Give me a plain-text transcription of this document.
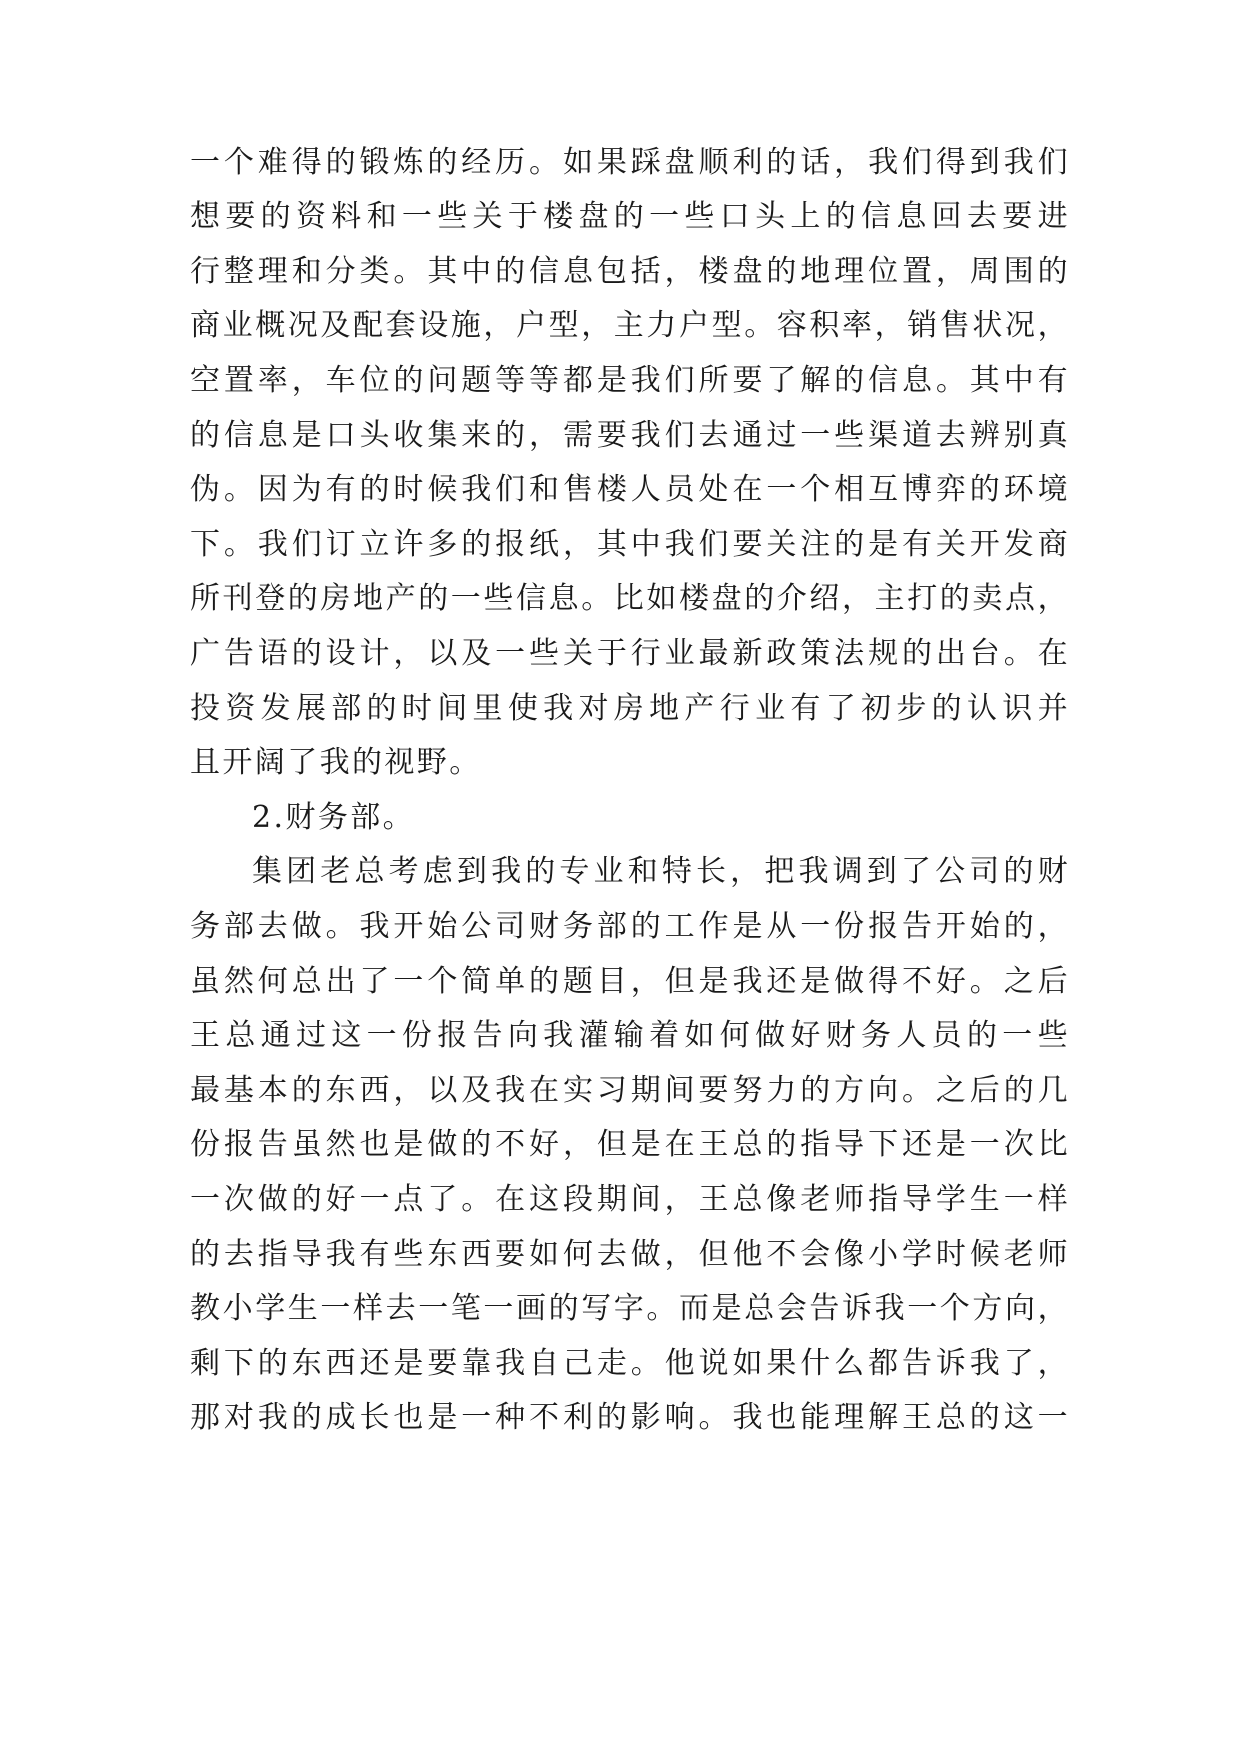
一个难得的锻炼的经历。如果踩盘顺利的话，我们得到我们
想要的资料和一些关于楼盘的一些口头上的信息回去要进
行整理和分类。其中的信息包括，楼盘的地理位置，周围的
商业概况及配套设施，户型，主力户型。容积率，销售状况，
空置率，车位的问题等等都是我们所要了解的信息。其中有
的信息是口头收集来的，需要我们去通过一些渠道去辨别真
伪。因为有的时候我们和售楼人员处在一个相互博弈的环境
下。我们订立许多的报纸，其中我们要关注的是有关开发商
所刊登的房地产的一些信息。比如楼盘的介绍，主打的卖点，
广告语的设计，以及一些关于行业最新政策法规的出台。在
投资发展部的时间里使我对房地产行业有了初步的认识并
且开阔了我的视野。
2.财务部。
集团老总考虑到我的专业和特长，把我调到了公司的财
务部去做。我开始公司财务部的工作是从一份报告开始的，
虽然何总出了一个简单的题目，但是我还是做得不好。之后
王总通过这一份报告向我灌输着如何做好财务人员的一些
最基本的东西，以及我在实习期间要努力的方向。之后的几
份报告虽然也是做的不好，但是在王总的指导下还是一次比
一次做的好一点了。在这段期间，王总像老师指导学生一样
的去指导我有些东西要如何去做，但他不会像小学时候老师
教小学生一样去一笔一画的写字。而是总会告诉我一个方向，
剩下的东西还是要靠我自己走。他说如果什么都告诉我了，
那对我的成长也是一种不利的影响。我也能理解王总的这一
